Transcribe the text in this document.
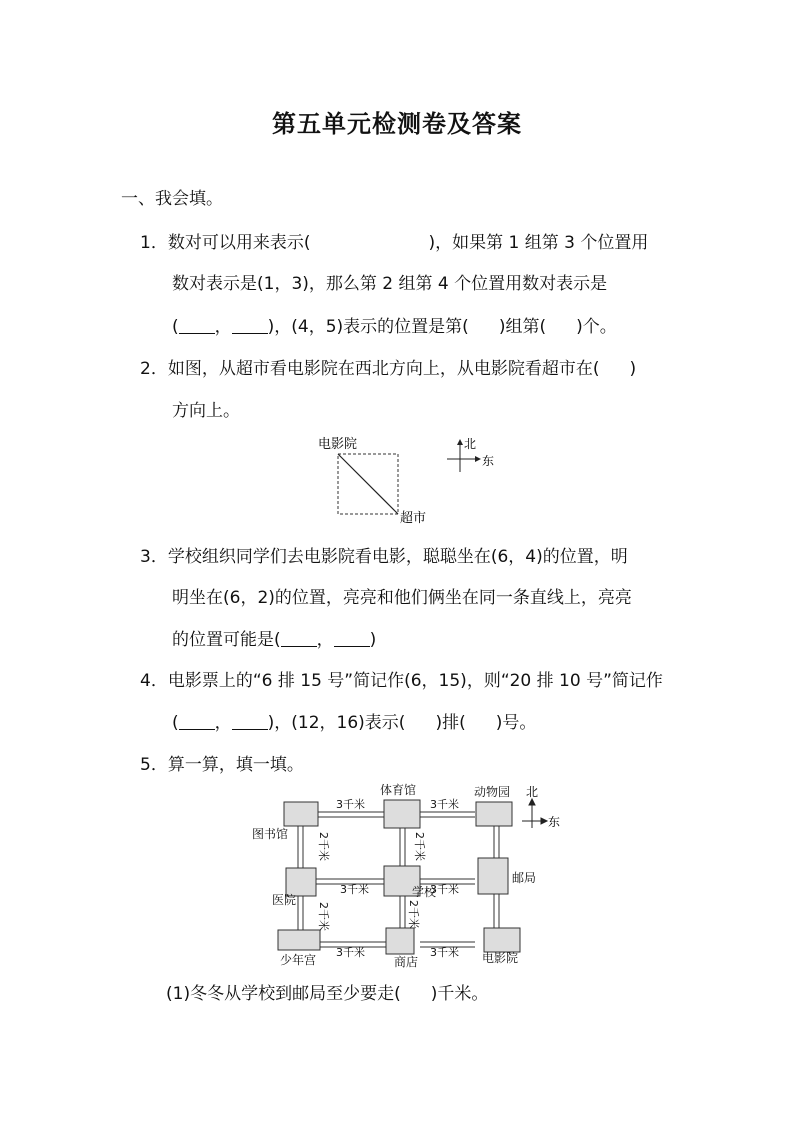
第五单元检测卷及答案
一、我会填。
1．数对可以用来表示(	)，如果第 1 组第 3 个位置用
数对表示是(1，3)，那么第 2 组第 4 个位置用数对表示是
( ， )，(4，5)表示的位置是第( )组第( )个。
2．如图，从超市看电影院在西北方向上，从电影院看超市在( )
方向上。
电影院
超市
北
东
3．学校组织同学们去电影院看电影，聪聪坐在(6，4)的位置，明
明坐在(6，2)的位置，亮亮和他们俩坐在同一条直线上，亮亮
的位置可能是( ， )
4．电影票上的“6 排 15 号”简记作(6，15)，则“20 排 10 号”简记作
( ， )，(12，16)表示( )排( )号。
5．算一算，填一填。
图书馆
体育馆	动物园
医院
学校
邮局
少年宫	商店	电影院
3千米	3千米
3千米	3千米
3千米	3千米
2千米
2千米
2千米
2千米
北
东
(1)冬冬从学校到邮局至少要走( )千米。
